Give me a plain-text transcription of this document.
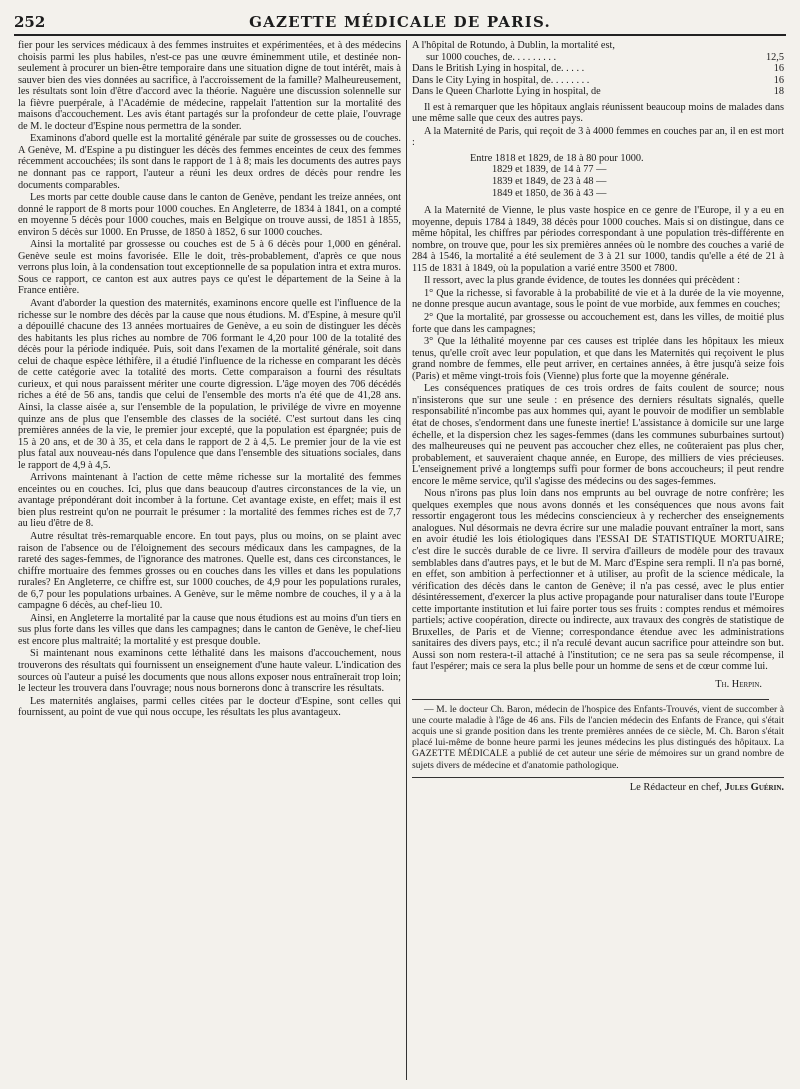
252	GAZETTE MÉDICALE DE PARIS.

fier pour les services médicaux à des femmes instruites et expérimentées, et à des médecins choisis parmi les plus habiles, n'est-ce pas une œuvre éminemment utile, et destinée non-seulement à procurer un bien-être temporaire dans une situation digne de tout intérêt, mais à sauver bien des vies données au sacrifice, à l'accroissement de la famille? Malheureusement, les résultats sont loin d'être d'accord avec la théorie. Naguère une discussion solennelle sur la fièvre puerpérale, à l'Académie de médecine, rappelait l'attention sur la mortalité des maisons d'accouchement. Les avis étant partagés sur la profondeur de cette plaie, l'ouvrage de M. le docteur d'Espine nous permettra de la sonder.

Examinons d'abord quelle est la mortalité générale par suite de grossesses ou de couches. A Genève, M. d'Espine a pu distinguer les décès des femmes enceintes de ceux des femmes récemment accouchées; ils sont dans le rapport de 1 à 8; mais les documents des autres pays ne donnant pas ce rapport, l'auteur a réuni les deux ordres de décès pour rendre les documents comparables.

Les morts par cette double cause dans le canton de Genève, pendant les treize années, ont donné le rapport de 8 morts pour 1000 couches. En Angleterre, de 1834 à 1841, on a compté en moyenne 5 décès pour 1000 couches, mais en Belgique on trouve aussi, de 1851 à 1855, environ 5 décès sur 1000. En Prusse, de 1850 à 1852, 6 sur 1000 couches.

Ainsi la mortalité par grossesse ou couches est de 5 à 6 décès pour 1,000 en général. Genève seule est moins favorisée. Elle le doit, très-probablement, d'après ce que nous verrons plus loin, à la condensation tout exceptionnelle de sa population intra et extra muros. Sous ce rapport, ce canton est aux autres pays ce qu'est le département de la Seine à la France entière.

Avant d'aborder la question des maternités, examinons encore quelle est l'influence de la richesse sur le nombre des décès par la cause que nous étudions. M. d'Espine, à mesure qu'il a dépouillé chacune des 13 années mortuaires de Genève, a eu soin de distinguer les décès des habitants les plus riches au nombre de 706 formant le 4,20 pour 100 de la totalité des décès pour la période indiquée. Puis, soit dans l'examen de la mortalité générale, soit dans celui de chaque espèce léthifère, il a étudié l'influence de la richesse en comparant les décès de cette catégorie avec la totalité des morts. Cette comparaison a fourni des résultats curieux, et qui nous paraissent mériter une courte digression. L'âge moyen des 706 décédés riches a été de 56 ans, tandis que celui de l'ensemble des morts n'a été que de 41,28 ans. Ainsi, la classe aisée a, sur l'ensemble de la population, le privilége de vivre en moyenne quinze ans de plus que l'ensemble des classes de la société. C'est surtout dans les cinq premières années de la vie, le premier jour excepté, que la population est épargnée; puis de 15 à 20 ans, et de 30 à 35, et cela dans le rapport de 2 à 4,5. Le premier jour de la vie est plus fatal aux nouveau-nés dans l'opulence que dans l'ensemble des situations sociales, dans le rapport de 4,9 à 4,5.

Arrivons maintenant à l'action de cette même richesse sur la mortalité des femmes enceintes ou en couches. Ici, plus que dans beaucoup d'autres circonstances de la vie, un avantage prépondérant doit incomber à la fortune. Cet avantage existe, en effet; mais il est bien plus restreint qu'on ne pourrait le présumer : la mortalité des femmes riches est de 7,7 au lieu d'être de 8.

Autre résultat très-remarquable encore. En tout pays, plus ou moins, on se plaint avec raison de l'absence ou de l'éloignement des secours médicaux dans les campagnes, de la rareté des sages-femmes, de l'ignorance des matrones. Quelle est, dans ces circonstances, le chiffre mortuaire des femmes grosses ou en couches dans les villes et dans les populations rurales? En Angleterre, ce chiffre est, sur 1000 couches, de 4,9 pour les populations rurales, de 6,7 pour les populations urbaines. A Genève, sur le même nombre de couches, il y a à la campagne 6 décès, au chef-lieu 10.

Ainsi, en Angleterre la mortalité par la cause que nous étudions est au moins d'un tiers en sus plus forte dans les villes que dans les campagnes; dans le canton de Genève, le chef-lieu est encore plus maltraité; la mortalité y est presque double.

Si maintenant nous examinons cette léthalité dans les maisons d'accouchement, nous trouverons des résultats qui fournissent un enseignement d'une haute valeur. L'indication des sources où l'auteur a puisé les documents que nous allons exposer nous entraînerait trop loin; le lecteur les trouvera dans l'ouvrage; nous nous bornerons donc à transcrire les résultats.

Les maternités anglaises, parmi celles citées par le docteur d'Espine, sont celles qui fournissent, au point de vue qui nous occupe, les résultats les plus avantageux.

A l'hôpital de Rotundo, à Dublin, la mortalité est,
sur 1000 couches, de. . . . . . . . .	12,5
Dans le British Lying in hospital, de. . . . .	16
Dans le City Lying in hospital, de. . . . . . . .	16
Dans le Queen Charlotte Lying in hospital, de	18

Il est à remarquer que les hôpitaux anglais réunissent beaucoup moins de malades dans une même salle que ceux des autres pays.

A la Maternité de Paris, qui reçoit de 3 à 4000 femmes en couches par an, il en est mort :

Entre 1818 et 1829, de 18 à 80 pour 1000.
1829 et 1839, de 14 à 77 —
1839 et 1849, de 23 à 48 —
1849 et 1850, de 36 à 43 —

A la Maternité de Vienne, le plus vaste hospice en ce genre de l'Europe, il y a eu en moyenne, depuis 1784 à 1849, 38 décès pour 1000 couches. Mais si on distingue, dans ce même hôpital, les chiffres par périodes correspondant à une population très-différente en nombre, on trouve que, pour les six premières années où le nombre des couches a varié de 284 à 1546, la mortalité a été seulement de 3 à 21 sur 1000, tandis qu'elle a été de 21 à 115 de 1831 à 1849, où la population a varié entre 3500 et 7800.

Il ressort, avec la plus grande évidence, de toutes les données qui précèdent :

1° Que la richesse, si favorable à la probabilité de vie et à la durée de la vie moyenne, ne donne presque aucun avantage, sous le point de vue morbide, aux femmes en couches;

2° Que la mortalité, par grossesse ou accouchement est, dans les villes, de moitié plus forte que dans les campagnes;

3° Que la léthalité moyenne par ces causes est triplée dans les hôpitaux les mieux tenus, qu'elle croît avec leur population, et que dans les Maternités qui reçoivent le plus grand nombre de femmes, elle peut arriver, en certaines années, à être jusqu'à seize fois (Paris) et même vingt-trois fois (Vienne) plus forte que la moyenne générale.

Les conséquences pratiques de ces trois ordres de faits coulent de source; nous n'insisterons que sur une seule : en présence des derniers résultats signalés, quelle responsabilité n'incombe pas aux hommes qui, ayant le pouvoir de modifier un semblable état de choses, s'endorment dans une funeste inertie! L'assistance à domicile sur une large échelle, et la dispersion chez les sages-femmes (dans les communes suburbaines surtout) des malheureuses qui ne peuvent pas accoucher chez elles, ne coûteraient pas plus cher, probablement, et sauveraient chaque année, en Europe, des milliers de vies précieuses. L'enseignement privé a longtemps suffi pour former de bons accoucheurs; il peut rendre encore le même service, qu'il s'agisse des médecins ou des sages-femmes.

Nous n'irons pas plus loin dans nos emprunts au bel ouvrage de notre confrère; les quelques exemples que nous avons donnés et les conséquences que nous avons fait ressortir engageront tous les médecins consciencieux à y rechercher des enseignements analogues. Nul désormais ne devra écrire sur une maladie pouvant entraîner la mort, sans en avoir étudié les lois étiologiques dans l'ESSAI DE STATISTIQUE MORTUAIRE; c'est dire le succès durable de ce livre. Il servira d'ailleurs de modèle pour des travaux semblables dans d'autres pays, et le but de M. Marc d'Espine sera rempli. Il n'a pas borné, en effet, son ambition à perfectionner et à utiliser, au profit de la science médicale, la vérification des décès dans le canton de Genève; il n'a pas cessé, avec le plus entier désintéressement, d'exercer la plus active propagande pour naturaliser dans toute l'Europe cette importante institution et lui faire porter tous ses fruits : comptes rendus et mémoires partiels; active coopération, directe ou indirecte, aux travaux des congrès de statistique de Bruxelles, de Paris et de Vienne; correspondance étendue avec les administrations sanitaires des divers pays, etc.; il n'a reculé devant aucun sacrifice pour atteindre son but. Aussi son nom restera-t-il attaché à l'institution; ce ne sera pas sa seule récompense, il faut l'espérer; mais ce sera la plus belle pour un homme de sens et de cœur comme lui.

Th. Herpin.

— M. le docteur Ch. Baron, médecin de l'hospice des Enfants-Trouvés, vient de succomber à une courte maladie à l'âge de 46 ans. Fils de l'ancien médecin des Enfants de France, qui s'était acquis une si grande position dans les trente premières années de ce siècle, M. Ch. Baron s'était placé lui-même de bonne heure parmi les jeunes médecins les plus distingués des hôpitaux. La GAZETTE MÉDICALE a publié de cet auteur une série de mémoires sur un grand nombre de sujets divers de médecine et d'anatomie pathologique.

Le Rédacteur en chef, Jules Guérin.
